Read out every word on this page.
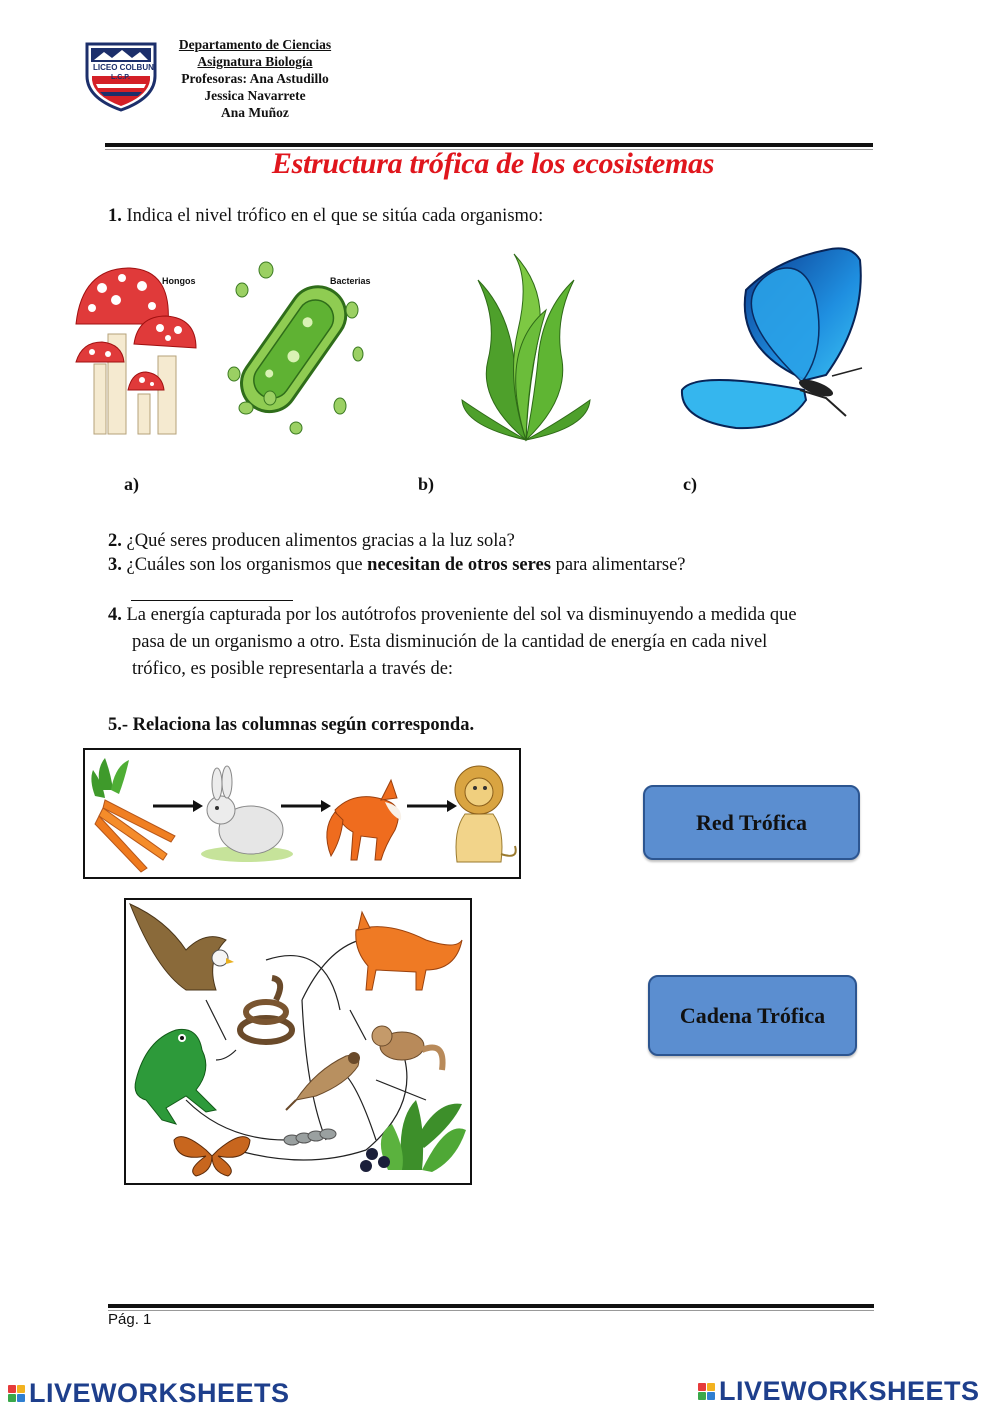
LICEO COLBUN
L.C.P.
Departamento de Ciencias
Asignatura Biología
Profesoras: Ana Astudillo
Jessica Navarrete
Ana Muñoz
Estructura trófica de los ecosistemas
1. Indica el nivel trófico en el que se sitúa cada organismo:
Hongos	Bacterias
a)	b)	c)
2. ¿Qué seres producen alimentos gracias a la luz sola?
3. ¿Cuáles son los organismos que necesitan de otros seres para alimentarse?
4. La energía capturada por los autótrofos proveniente del sol va disminuyendo a medida que
pasa de un organismo a otro. Esta disminución de la cantidad de energía en cada nivel
trófico, es posible representarla a través de:
5.- Relaciona las columnas según corresponda.
Red Trófica
Cadena Trófica
Pág. 1
LIVEWORKSHEETS	LIVEWORKSHEETS
